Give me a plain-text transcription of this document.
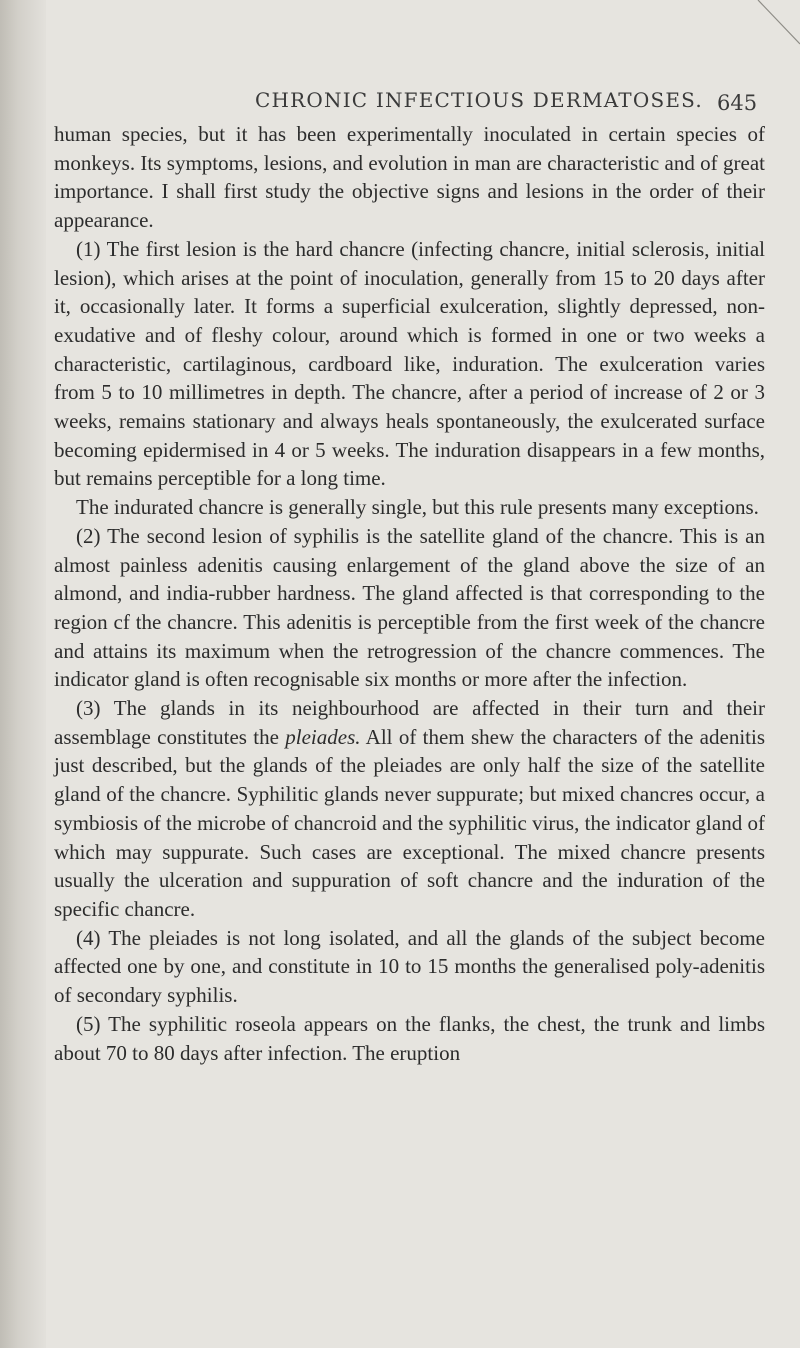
CHRONIC INFECTIOUS DERMATOSES. 645

human species, but it has been experimentally inoculated in certain species of monkeys. Its symptoms, lesions, and evolution in man are characteristic and of great importance. I shall first study the objective signs and lesions in the order of their appearance.

(1) The first lesion is the hard chancre (infecting chancre, initial sclerosis, initial lesion), which arises at the point of inoculation, generally from 15 to 20 days after it, occasionally later. It forms a superficial exulceration, slightly depressed, non-exudative and of fleshy colour, around which is formed in one or two weeks a characteristic, cartilaginous, cardboard like, induration. The exulceration varies from 5 to 10 millimetres in depth. The chancre, after a period of increase of 2 or 3 weeks, remains stationary and always heals spontaneously, the exulcerated surface becoming epidermised in 4 or 5 weeks. The induration disappears in a few months, but remains perceptible for a long time.

The indurated chancre is generally single, but this rule presents many exceptions.

(2) The second lesion of syphilis is the satellite gland of the chancre. This is an almost painless adenitis causing enlargement of the gland above the size of an almond, and india-rubber hardness. The gland affected is that corresponding to the region cf the chancre. This adenitis is perceptible from the first week of the chancre and attains its maximum when the retrogression of the chancre commences. The indicator gland is often recognisable six months or more after the infection.

(3) The glands in its neighbourhood are affected in their turn and their assemblage constitutes the pleiades. All of them shew the characters of the adenitis just described, but the glands of the pleiades are only half the size of the satellite gland of the chancre. Syphilitic glands never suppurate; but mixed chancres occur, a symbiosis of the microbe of chancroid and the syphilitic virus, the indicator gland of which may suppurate. Such cases are exceptional. The mixed chancre presents usually the ulceration and suppuration of soft chancre and the induration of the specific chancre.

(4) The pleiades is not long isolated, and all the glands of the subject become affected one by one, and constitute in 10 to 15 months the generalised poly-adenitis of secondary syphilis.

(5) The syphilitic roseola appears on the flanks, the chest, the trunk and limbs about 70 to 80 days after infection. The eruption
